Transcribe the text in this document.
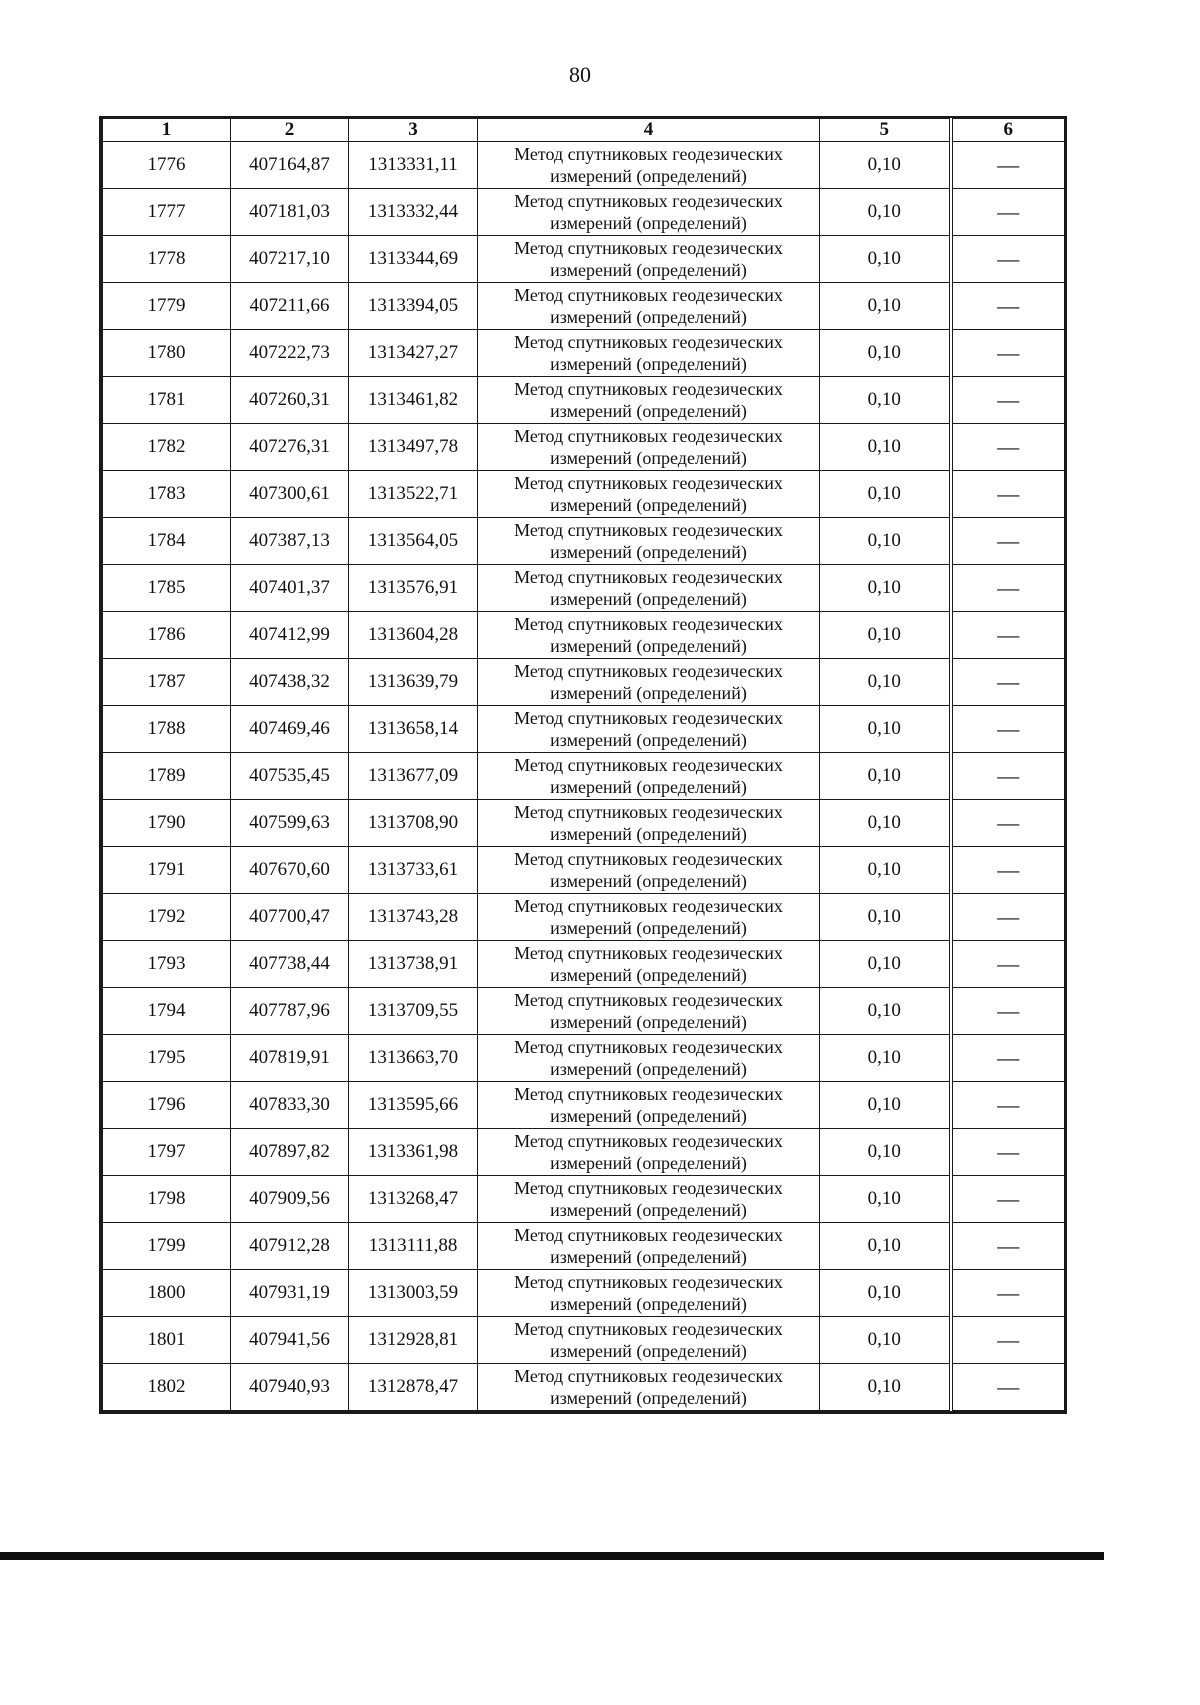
80
1	2	3	4	5	6
1776	407164,87	1313331,11	Метод спутниковых геодезических
измерений (определений)	0,10	—
1777	407181,03	1313332,44	Метод спутниковых геодезических
измерений (определений)	0,10	—
1778	407217,10	1313344,69	Метод спутниковых геодезических
измерений (определений)	0,10	—
1779	407211,66	1313394,05	Метод спутниковых геодезических
измерений (определений)	0,10	—
1780	407222,73	1313427,27	Метод спутниковых геодезических
измерений (определений)	0,10	—
1781	407260,31	1313461,82	Метод спутниковых геодезических
измерений (определений)	0,10	—
1782	407276,31	1313497,78	Метод спутниковых геодезических
измерений (определений)	0,10	—
1783	407300,61	1313522,71	Метод спутниковых геодезических
измерений (определений)	0,10	—
1784	407387,13	1313564,05	Метод спутниковых геодезических
измерений (определений)	0,10	—
1785	407401,37	1313576,91	Метод спутниковых геодезических
измерений (определений)	0,10	—
1786	407412,99	1313604,28	Метод спутниковых геодезических
измерений (определений)	0,10	—
1787	407438,32	1313639,79	Метод спутниковых геодезических
измерений (определений)	0,10	—
1788	407469,46	1313658,14	Метод спутниковых геодезических
измерений (определений)	0,10	—
1789	407535,45	1313677,09	Метод спутниковых геодезических
измерений (определений)	0,10	—
1790	407599,63	1313708,90	Метод спутниковых геодезических
измерений (определений)	0,10	—
1791	407670,60	1313733,61	Метод спутниковых геодезических
измерений (определений)	0,10	—
1792	407700,47	1313743,28	Метод спутниковых геодезических
измерений (определений)	0,10	—
1793	407738,44	1313738,91	Метод спутниковых геодезических
измерений (определений)	0,10	—
1794	407787,96	1313709,55	Метод спутниковых геодезических
измерений (определений)	0,10	—
1795	407819,91	1313663,70	Метод спутниковых геодезических
измерений (определений)	0,10	—
1796	407833,30	1313595,66	Метод спутниковых геодезических
измерений (определений)	0,10	—
1797	407897,82	1313361,98	Метод спутниковых геодезических
измерений (определений)	0,10	—
1798	407909,56	1313268,47	Метод спутниковых геодезических
измерений (определений)	0,10	—
1799	407912,28	1313111,88	Метод спутниковых геодезических
измерений (определений)	0,10	—
1800	407931,19	1313003,59	Метод спутниковых геодезических
измерений (определений)	0,10	—
1801	407941,56	1312928,81	Метод спутниковых геодезических
измерений (определений)	0,10	—
1802	407940,93	1312878,47	Метод спутниковых геодезических
измерений (определений)	0,10	—
